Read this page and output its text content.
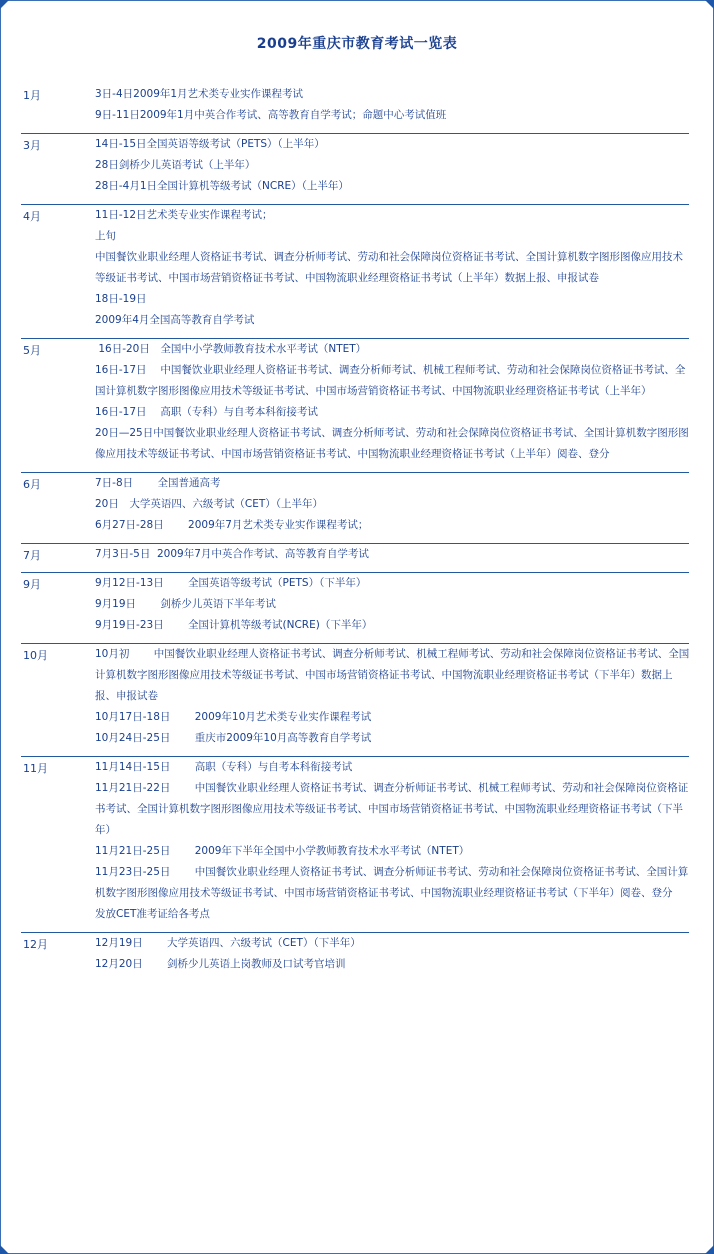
2009年重庆市教育考试一览表
1月	3日-4日2009年1月艺术类专业实作课程考试
9日-11日2009年1月中英合作考试、高等教育自学考试；命题中心考试值班
3月	14日-15日全国英语等级考试（PETS）（上半年）
28日剑桥少儿英语考试（上半年）
28日-4月1日全国计算机等级考试（NCRE）（上半年）
4月	11日-12日艺术类专业实作课程考试；
上旬
中国餐饮业职业经理人资格证书考试、调查分析师考试、劳动和社会保障岗位资格证书考试、全国计算机数字图形图像应用技术等级证书考试、中国市场营销资格证书考试、中国物流职业经理资格证书考试（上半年）数据上报、申报试卷
18日-19日
2009年4月全国高等教育自学考试
5月	16日-20日　全国中小学教师教育技术水平考试（NTET）
16日-17日　 中国餐饮业职业经理人资格证书考试、调查分析师考试、机械工程师考试、劳动和社会保障岗位资格证书考试、全国计算机数字图形图像应用技术等级证书考试、中国市场营销资格证书考试、中国物流职业经理资格证书考试（上半年）
16日-17日　 高职（专科）与自考本科衔接考试
20日—25日中国餐饮业职业经理人资格证书考试、调查分析师考试、劳动和社会保障岗位资格证书考试、全国计算机数字图形图像应用技术等级证书考试、中国市场营销资格证书考试、中国物流职业经理资格证书考试（上半年）阅卷、登分
6月	7日-8日　　 全国普通高考
20日　大学英语四、六级考试（CET）（上半年）
6月27日-28日　　 2009年7月艺术类专业实作课程考试；
7月	7月3日-5日  2009年7月中英合作考试、高等教育自学考试
9月	9月12日-13日　　 全国英语等级考试（PETS）（下半年）
9月19日　　 剑桥少儿英语下半年考试
9月19日-23日　　 全国计算机等级考试(NCRE)（下半年）
10月	10月初　　 中国餐饮业职业经理人资格证书考试、调查分析师考试、机械工程师考试、劳动和社会保障岗位资格证书考试、全国计算机数字图形图像应用技术等级证书考试、中国市场营销资格证书考试、中国物流职业经理资格证书考试（下半年）数据上报、申报试卷
10月17日-18日　　 2009年10月艺术类专业实作课程考试
10月24日-25日　　 重庆市2009年10月高等教育自学考试
11月	11月14日-15日　　 高职（专科）与自考本科衔接考试
11月21日-22日　　 中国餐饮业职业经理人资格证书考试、调查分析师证书考试、机械工程师考试、劳动和社会保障岗位资格证书考试、全国计算机数字图形图像应用技术等级证书考试、中国市场营销资格证书考试、中国物流职业经理资格证书考试（下半年）
11月21日-25日　　 2009年下半年全国中小学教师教育技术水平考试（NTET）
11月23日-25日　　 中国餐饮业职业经理人资格证书考试、调查分析师证书考试、劳动和社会保障岗位资格证书考试、全国计算机数字图形图像应用技术等级证书考试、中国市场营销资格证书考试、中国物流职业经理资格证书考试（下半年）阅卷、登分
发放CET准考证给各考点
12月	12月19日　　 大学英语四、六级考试（CET）（下半年）
12月20日　　 剑桥少儿英语上岗教师及口试考官培训
